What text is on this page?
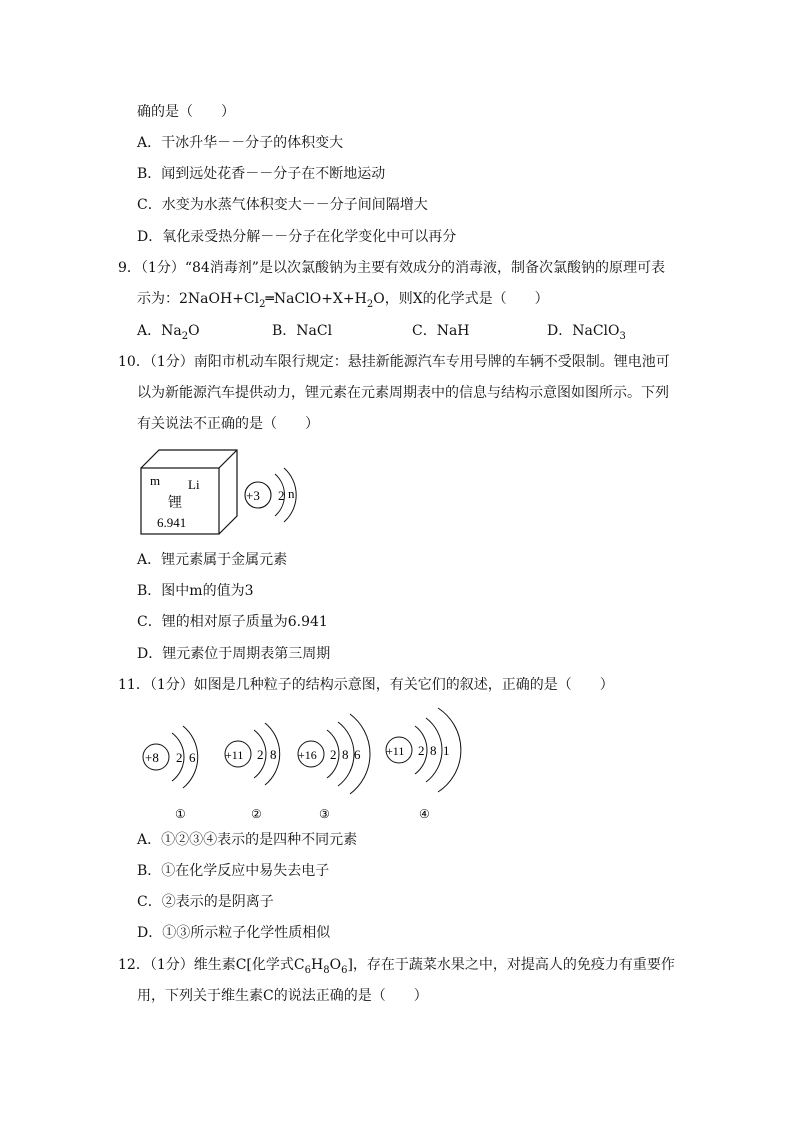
确的是（　　）
A．干冰升华－－分子的体积变大
B．闻到远处花香－－分子在不断地运动
C．水变为水蒸气体积变大－－分子间间隔增大
D．氧化汞受热分解－－分子在化学变化中可以再分
9．（1分）“84消毒剂”是以次氯酸钠为主要有效成分的消毒液，制备次氯酸钠的原理可表
示为：$2NaOH+Cl_2═NaClO+X+H_2O$，则X的化学式是（　　）
A．$Na_2O$	B．NaCl	C．NaH	D．NaClO$_3$
10．（1分）南阳市机动车限行规定：悬挂新能源汽车专用号牌的车辆不受限制。锂电池可
以为新能源汽车提供动力，锂元素在元素周期表中的信息与结构示意图如图所示。下列
有关说法不正确的是（　　）
m Li
锂
6.941
+3 2 n
A．锂元素属于金属元素
B．图中m的值为3
C．锂的相对原子质量为6.941
D．锂元素位于周期表第三周期
11．（1分）如图是几种粒子的结构示意图，有关它们的叙述，正确的是（　　）
+8 2 6
①
+11 2 8
②
+16 2 8 6
③
+11 2 8 1
④
A．①②③④表示的是四种不同元素
B．①在化学反应中易失去电子
C．②表示的是阴离子
D．①③所示粒子化学性质相似
12．（1分）维生素C[化学式$C_6H_8O_6$]，存在于蔬菜水果之中，对提高人的免疫力有重要作
用，下列关于维生素C的说法正确的是（　　）
